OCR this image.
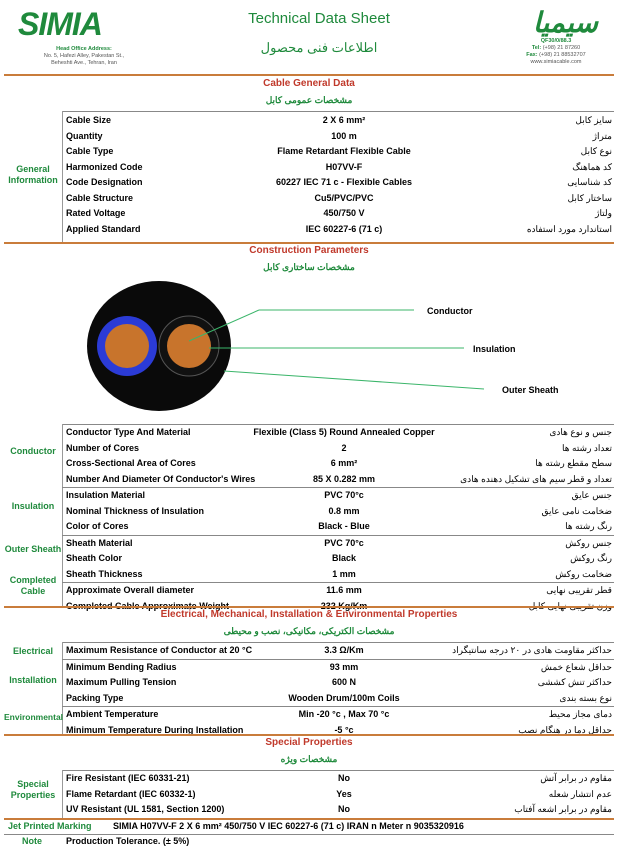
SIMIA
Head Office Address:
No. 5, Hafezi Alley, Pakestan St.,
Beheshti Ave., Tehran, Iran
Technical Data Sheet
اطلاعات فنی محصول
سیمیا
QF30/0/88.3
Tel: (+98) 21 87260
Fax: (+98) 21 88532707
www.simiacable.com
Cable General Data
مشخصات عمومی کابل
General Information
Cable Size	2 X 6 mm²	سایز کابل
Quantity	100 m	متراژ
Cable Type	Flame Retardant Flexible Cable	نوع کابل
Harmonized Code	H07VV-F	کد هماهنگ
Code Designation	60227 IEC 71 c - Flexible Cables	کد شناسایی
Cable Structure	Cu5/PVC/PVC	ساختار کابل
Rated Voltage	450/750 V	ولتاژ
Applied Standard	IEC 60227-6 (71 c)	استاندارد مورد استفاده
Construction Parameters
مشخصات ساختاری کابل
Conductor
Insulation
Outer Sheath
Conductor
Insulation
Outer Sheath
Completed Cable
Conductor Type And Material	Flexible (Class 5) Round Annealed Copper	جنس و نوع هادی
Number of Cores	2	تعداد رشته ها
Cross-Sectional Area of Cores	6 mm²	سطح مقطع رشته ها
Number And Diameter Of Conductor's Wires	85 X 0.282 mm	تعداد و قطر سیم های تشکیل دهنده هادی
Insulation Material	PVC 70°c	جنس عایق
Nominal Thickness of Insulation	0.8 mm	ضخامت نامی عایق
Color of Cores	Black - Blue	رنگ رشته ها
Sheath Material	PVC 70°c	جنس روکش
Sheath Color	Black	رنگ روکش
Sheath Thickness	1 mm	ضخامت روکش
Approximate Overall diameter	11.6 mm	قطر تقریبی نهایی
Completed Cable Approximate Weight	232 Kg/Km	وزن تقریبی نهایی کابل
Electrical, Mechanical, Installation & Environmental Properties
مشخصات الکتریکی، مکانیکی، نصب و محیطی
Electrical
Installation
Environmental
Maximum Resistance of Conductor at 20 °C	3.3 Ω/Km	حداکثر مقاومت هادی در ۲۰ درجه سانتیگراد
Minimum Bending Radius	93 mm	حداقل شعاع خمش
Maximum Pulling Tension	600 N	حداکثر تنش کششی
Packing Type	Wooden Drum/100m Coils	نوع بسته بندی
Ambient Temperature	Min -20 °c , Max 70 °c	دمای مجاز محیط
Minimum Temperature During Installation	-5 °c	حداقل دما در هنگام نصب
Special Properties
مشخصات ویژه
Special Properties
Fire Resistant (IEC 60331-21)	No	مقاوم در برابر آتش
Flame Retardant (IEC 60332-1)	Yes	عدم انتشار شعله
UV Resistant (UL 1581, Section 1200)	No	مقاوم در برابر اشعه آفتاب
Jet Printed Marking SIMIA H07VV-F 2 X 6 mm² 450/750 V IEC 60227-6 (71 c) IRAN n Meter n 9035320916
Note	Production Tolerance. (± 5%)
